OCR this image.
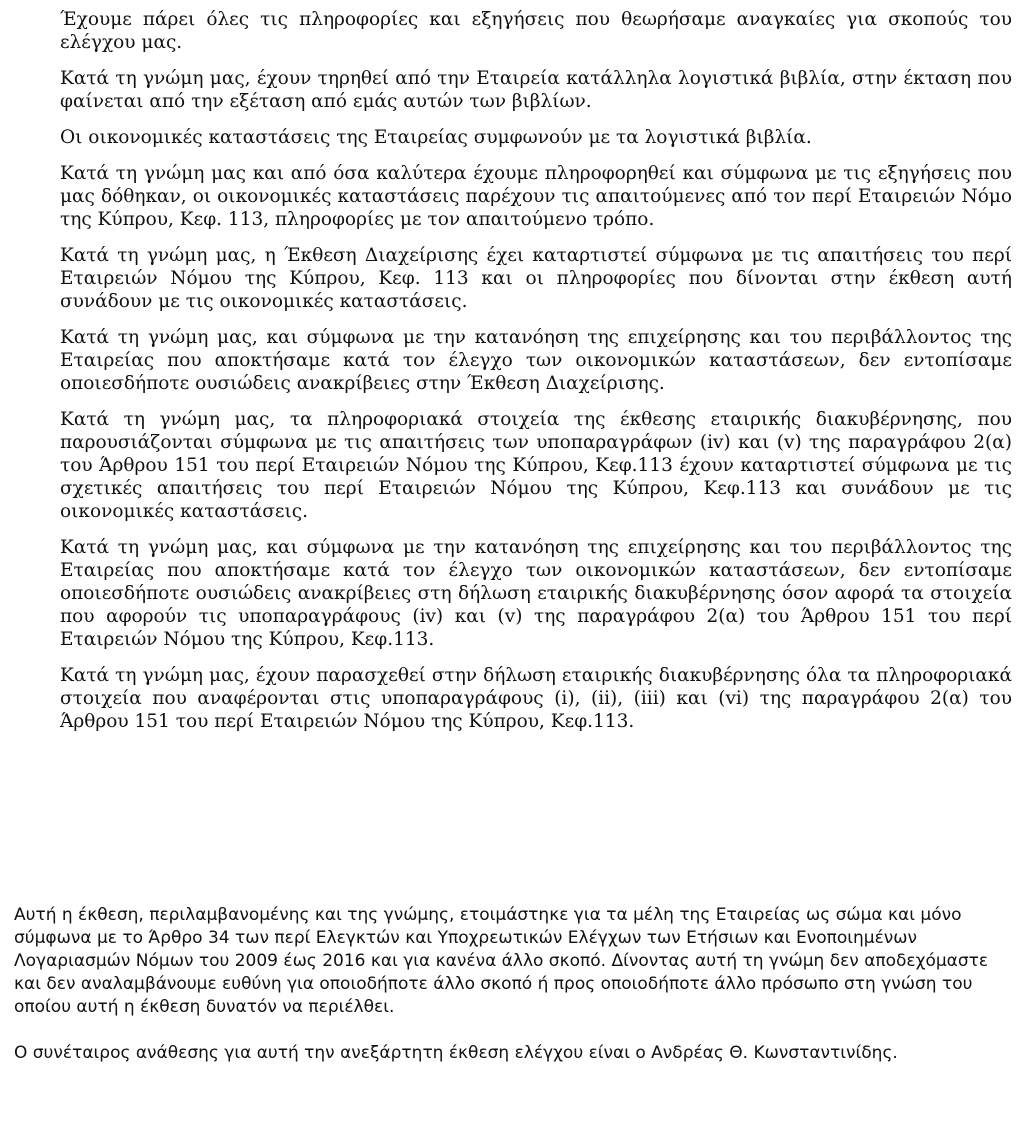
Έχουμε πάρει όλες τις πληροφορίες και εξηγήσεις που θεωρήσαμε αναγκαίες για σκοπούς του ελέγχου μας.

Κατά τη γνώμη μας, έχουν τηρηθεί από την Εταιρεία κατάλληλα λογιστικά βιβλία, στην έκταση που φαίνεται από την εξέταση από εμάς αυτών των βιβλίων.

Οι οικονομικές καταστάσεις της Εταιρείας συμφωνούν με τα λογιστικά βιβλία.

Κατά τη γνώμη μας και από όσα καλύτερα έχουμε πληροφορηθεί και σύμφωνα με τις εξηγήσεις που μας δόθηκαν, οι οικονομικές καταστάσεις παρέχουν τις απαιτούμενες από τον περί Εταιρειών Νόμο της Κύπρου, Κεφ. 113, πληροφορίες με τον απαιτούμενο τρόπο.

Κατά τη γνώμη μας, η Έκθεση Διαχείρισης έχει καταρτιστεί σύμφωνα με τις απαιτήσεις του περί Εταιρειών Νόμου της Κύπρου, Κεφ. 113 και οι πληροφορίες που δίνονται στην έκθεση αυτή συνάδουν με τις οικονομικές καταστάσεις.

Κατά τη γνώμη μας, και σύμφωνα με την κατανόηση της επιχείρησης και του περιβάλλοντος της Εταιρείας που αποκτήσαμε κατά τον έλεγχο των οικονομικών καταστάσεων, δεν εντοπίσαμε οποιεσδήποτε ουσιώδεις ανακρίβειες στην Έκθεση Διαχείρισης.

Κατά τη γνώμη μας, τα πληροφοριακά στοιχεία της έκθεσης εταιρικής διακυβέρνησης, που παρουσιάζονται σύμφωνα με τις απαιτήσεις των υποπαραγράφων (iv) και (v) της παραγράφου 2(α) του Άρθρου 151 του περί Εταιρειών Νόμου της Κύπρου, Κεφ.113 έχουν καταρτιστεί σύμφωνα με τις σχετικές απαιτήσεις του περί Εταιρειών Νόμου της Κύπρου, Κεφ.113 και συνάδουν με τις οικονομικές καταστάσεις.

Κατά τη γνώμη μας, και σύμφωνα με την κατανόηση της επιχείρησης και του περιβάλλοντος της Εταιρείας που αποκτήσαμε κατά τον έλεγχο των οικονομικών καταστάσεων, δεν εντοπίσαμε οποιεσδήποτε ουσιώδεις ανακρίβειες στη δήλωση εταιρικής διακυβέρνησης όσον αφορά τα στοιχεία που αφορούν τις υποπαραγράφους (iv) και (v) της παραγράφου 2(α) του Άρθρου 151 του περί Εταιρειών Νόμου της Κύπρου, Κεφ.113.

Κατά τη γνώμη μας, έχουν παρασχεθεί στην δήλωση εταιρικής διακυβέρνησης όλα τα πληροφοριακά στοιχεία που αναφέρονται στις υποπαραγράφους (i), (ii), (iii) και (vi) της παραγράφου 2(α) του Άρθρου 151 του περί Εταιρειών Νόμου της Κύπρου, Κεφ.113.

Αυτή η έκθεση, περιλαμβανομένης και της γνώμης, ετοιμάστηκε για τα μέλη της Εταιρείας ως σώμα και μόνο σύμφωνα με το Άρθρο 34 των περί Ελεγκτών και Υποχρεωτικών Ελέγχων των Ετήσιων και Ενοποιημένων Λογαριασμών Νόμων του 2009 έως 2016 και για κανένα άλλο σκοπό. Δίνοντας αυτή τη γνώμη δεν αποδεχόμαστε και δεν αναλαμβάνουμε ευθύνη για οποιοδήποτε άλλο σκοπό ή προς οποιοδήποτε άλλο πρόσωπο στη γνώση του οποίου αυτή η έκθεση δυνατόν να περιέλθει.

Ο συνέταιρος ανάθεσης για αυτή την ανεξάρτητη έκθεση ελέγχου είναι ο Ανδρέας Θ. Κωνσταντινίδης.
